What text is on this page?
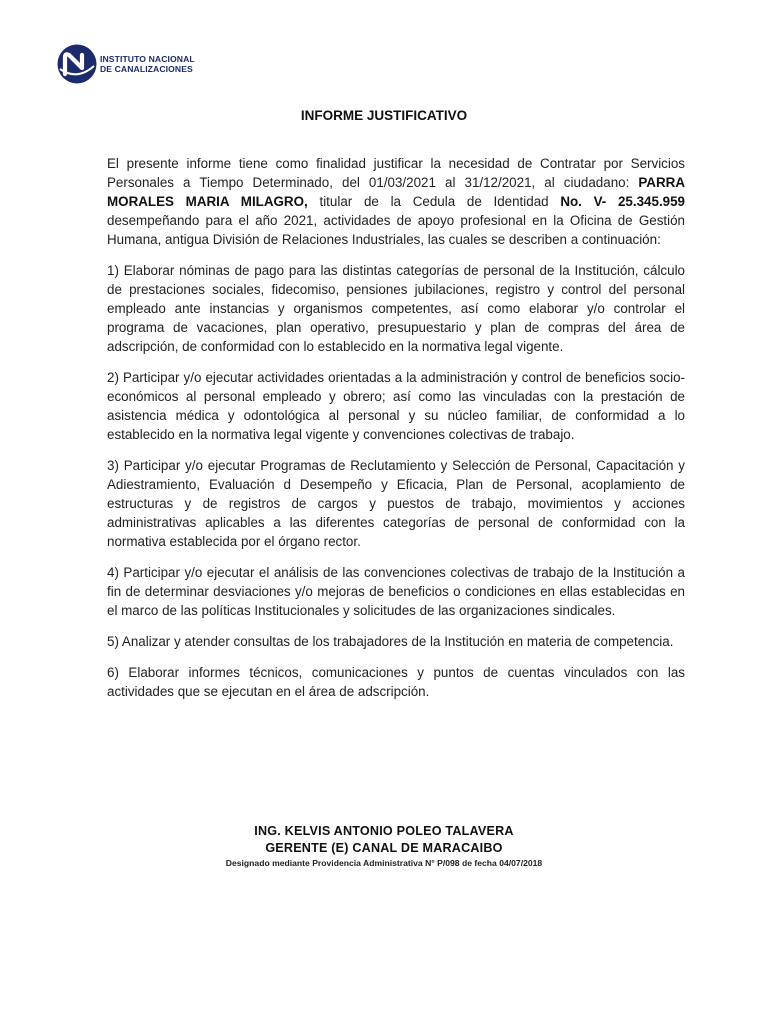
INSTITUTO NACIONAL
DE CANALIZACIONES
INFORME JUSTIFICATIVO

El presente informe tiene como finalidad justificar la necesidad de Contratar por Servicios Personales a Tiempo Determinado, del 01/03/2021 al 31/12/2021, al ciudadano: PARRA MORALES MARIA MILAGRO, titular de la Cedula de Identidad No. V- 25.345.959 desempeñando para el año 2021, actividades de apoyo profesional en la Oficina de Gestión Humana, antigua División de Relaciones Industriales, las cuales se describen a continuación:

1) Elaborar nóminas de pago para las distintas categorías de personal de la Institución, cálculo de prestaciones sociales, fidecomiso, pensiones jubilaciones, registro y control del personal empleado ante instancias y organismos competentes, así como elaborar y/o controlar el programa de vacaciones, plan operativo, presupuestario y plan de compras del área de adscripción, de conformidad con lo establecido en la normativa legal vigente.

2) Participar y/o ejecutar actividades orientadas a la administración y control de beneficios socio-económicos al personal empleado y obrero; así como las vinculadas con la prestación de asistencia médica y odontológica al personal y su núcleo familiar, de conformidad a lo establecido en la normativa legal vigente y convenciones colectivas de trabajo.

3) Participar y/o ejecutar Programas de Reclutamiento y Selección de Personal, Capacitación y Adiestramiento, Evaluación d Desempeño y Eficacia, Plan de Personal, acoplamiento de estructuras y de registros de cargos y puestos de trabajo, movimientos y acciones administrativas aplicables a las diferentes categorías de personal de conformidad con la normativa establecida por el órgano rector.

4) Participar y/o ejecutar el análisis de las convenciones colectivas de trabajo de la Institución a fin de determinar desviaciones y/o mejoras de beneficios o condiciones en ellas establecidas en el marco de las políticas Institucionales y solicitudes de las organizaciones sindicales.

5) Analizar y atender consultas de los trabajadores de la Institución en materia de competencia.

6) Elaborar informes técnicos, comunicaciones y puntos de cuentas vinculados con las actividades que se ejecutan en el área de adscripción.

ING. KELVIS ANTONIO POLEO TALAVERA
GERENTE (E) CANAL DE MARACAIBO
Designado mediante Providencia Administrativa N° P/098 de fecha 04/07/2018
